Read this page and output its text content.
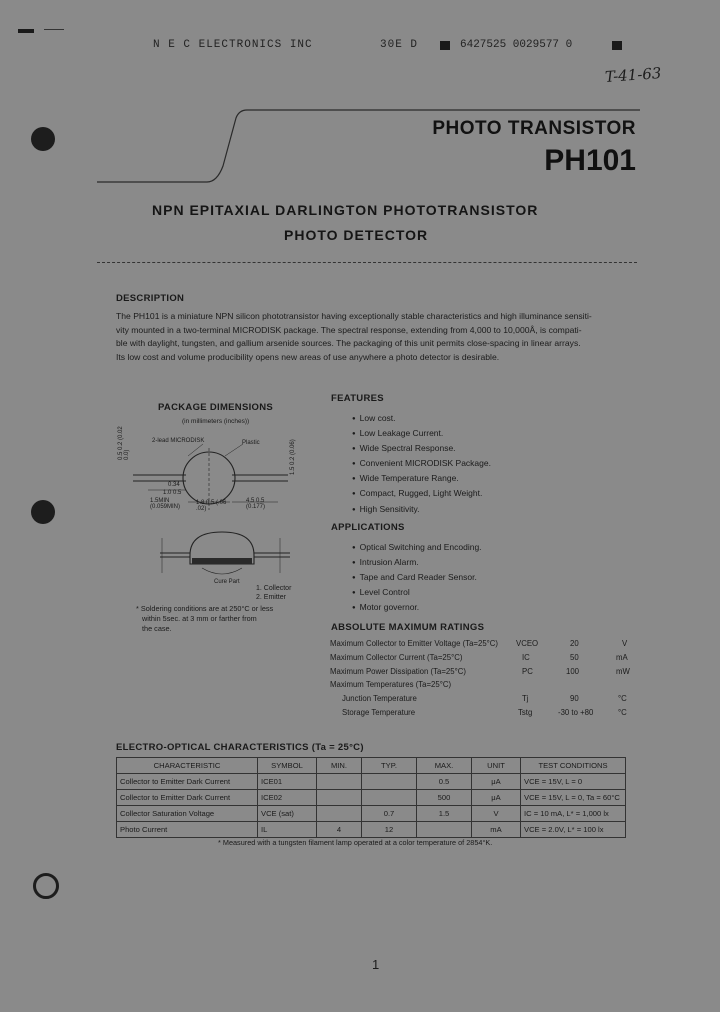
N E C ELECTRONICS INC	30E D	6427525 0029577 0
T-41-63
PHOTO TRANSISTOR
PH101
NPN EPITAXIAL DARLINGTON PHOTOTRANSISTOR
PHOTO DETECTOR
DESCRIPTION
The PH101 is a miniature NPN silicon phototransistor having exceptionally stable characteristics and high illuminance sensiti-
vity mounted in a two-terminal MICRODISK package. The spectral response, extending from 4,000 to 10,000Å, is compati-
ble with daylight, tungsten, and gallium arsenide sources. The packaging of this unit permits close-spacing in linear arrays.
Its low cost and volume producibility opens new areas of use anywhere a photo detector is desirable.
PACKAGE DIMENSIONS
(in millimeters (inches))
2-lead MICRODISK	Plastic
0.5 0.2 (0.02 0.0)	1.5 0.2 (0.06)
0.34
1.0 0.5
1.5MIN (0.059MIN)
1.8 0.5 (.06 .02)
4.5 0.5 (0.177)
Cure Part
1. Collector
2. Emitter
* Soldering conditions are at 250°C or less
within 5sec. at 3 mm or farther from
the case.
FEATURES
● Low cost.
● Low Leakage Current.
● Wide Spectral Response.
● Convenient MICRODISK Package.
● Wide Temperature Range.
● Compact, Rugged, Light Weight.
● High Sensitivity.
APPLICATIONS
● Optical Switching and Encoding.
● Intrusion Alarm.
● Tape and Card Reader Sensor.
● Level Control
● Motor governor.
ABSOLUTE MAXIMUM RATINGS
Maximum Collector to Emitter Voltage (Ta=25°C) VCEO	20	V
Maximum Collector Current (Ta=25°C)	IC	50	mA
Maximum Power Dissipation (Ta=25°C)	PC	100	mW
Maximum Temperatures (Ta=25°C)
Junction Temperature	Tj	90	°C
Storage Temperature	Tstg	-30 to +80	°C
ELECTRO-OPTICAL CHARACTERISTICS (Ta = 25°C)
CHARACTERISTIC	SYMBOL	MIN.	TYP.	MAX.	UNIT	TEST CONDITIONS
Collector to Emitter Dark Current	ICE01			0.5	μA	VCE = 15V, L = 0
Collector to Emitter Dark Current	ICE02			500	μA	VCE = 15V, L = 0, Ta = 60°C
Collector Saturation Voltage	VCE (sat)		0.7	1.5	V	IC = 10 mA, L* = 1,000 lx
Photo Current	IL	4	12		mA	VCE = 2.0V, L* = 100 lx
* Measured with a tungsten filament lamp operated at a color temperature of 2854°K.
1
